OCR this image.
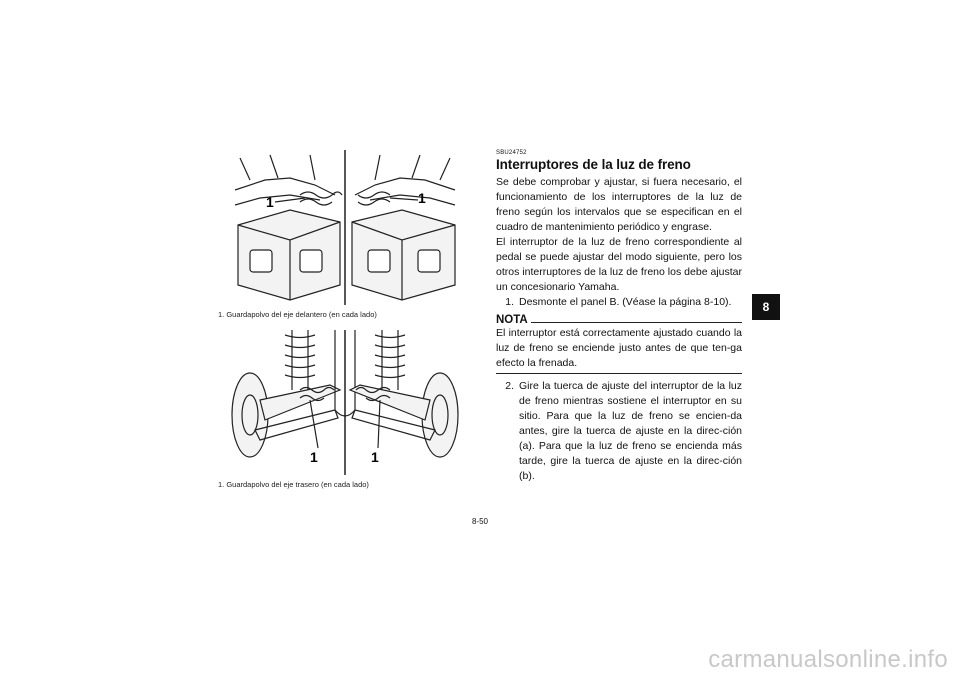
1	1
1. Guardapolvo del eje delantero (en cada lado)
1	1
1. Guardapolvo del eje trasero (en cada lado)
SBU24752
Interruptores de la luz de freno

Se debe comprobar y ajustar, si fuera necesario, el funcionamiento de los interruptores de la luz de freno según los intervalos que se especifican en el cuadro de mantenimiento periódico y engrase.

El interruptor de la luz de freno correspondiente al pedal se puede ajustar del modo siguiente, pero los otros interruptores de la luz de freno los debe ajustar un concesionario Yamaha.

1. Desmonte el panel B. (Véase la página 8-10).
NOTA

El interruptor está correctamente ajustado cuando la luz de freno se enciende justo antes de que ten-ga efecto la frenada.

2. Gire la tuerca de ajuste del interruptor de la luz de freno mientras sostiene el interruptor en su sitio. Para que la luz de freno se encien-da antes, gire la tuerca de ajuste en la direc-ción (a). Para que la luz de freno se encienda más tarde, gire la tuerca de ajuste en la direc-ción (b).
8
8-50
carmanualsonline.info
